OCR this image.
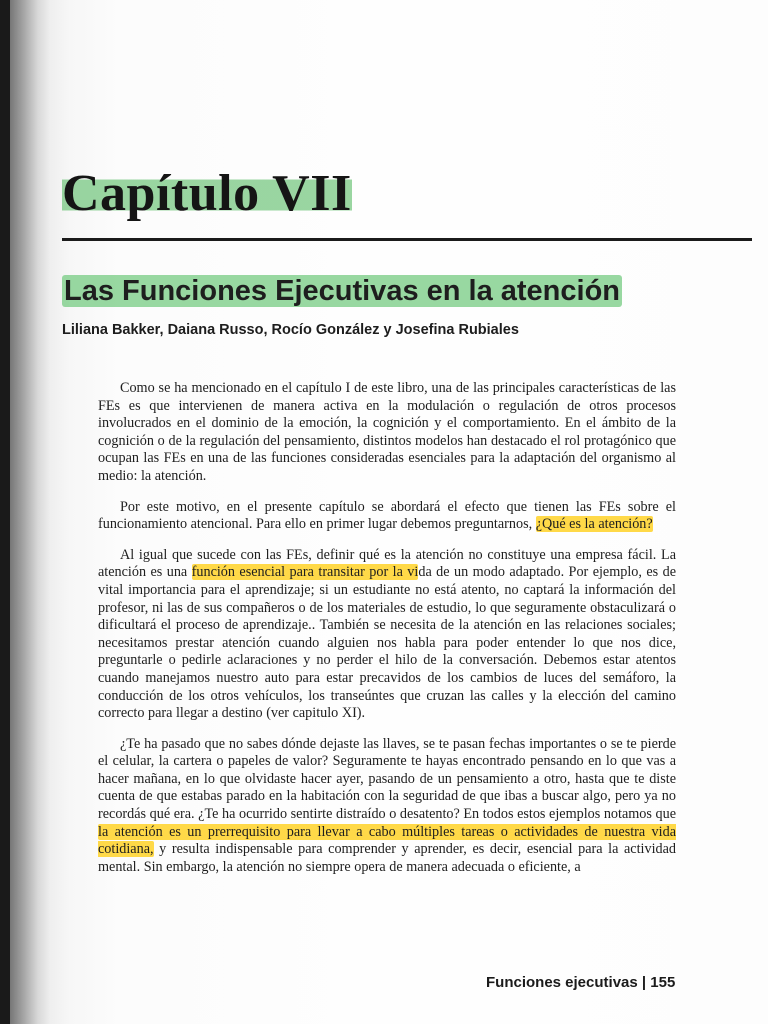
Capítulo VII
Las Funciones Ejecutivas en la atención

Liliana Bakker, Daiana Russo, Rocío González y Josefina Rubiales

Como se ha mencionado en el capítulo I de este libro, una de las principales características de las FEs es que intervienen de manera activa en la modulación o regulación de otros procesos involucrados en el dominio de la emoción, la cognición y el comportamiento. En el ámbito de la cognición o de la regulación del pensamiento, distintos modelos han destacado el rol protagónico que ocupan las FEs en una de las funciones consideradas esenciales para la adaptación del organismo al medio: la atención.

Por este motivo, en el presente capítulo se abordará el efecto que tienen las FEs sobre el funcionamiento atencional. Para ello en primer lugar debemos preguntarnos, ¿Qué es la atención?

Al igual que sucede con las FEs, definir qué es la atención no constituye una empresa fácil. La atención es una función esencial para transitar por la vida de un modo adaptado. Por ejemplo, es de vital importancia para el aprendizaje; si un estudiante no está atento, no captará la información del profesor, ni las de sus compañeros o de los materiales de estudio, lo que seguramente obstaculizará o dificultará el proceso de aprendizaje.. También se necesita de la atención en las relaciones sociales; necesitamos prestar atención cuando alguien nos habla para poder entender lo que nos dice, preguntarle o pedirle aclaraciones y no perder el hilo de la conversación. Debemos estar atentos cuando manejamos nuestro auto para estar precavidos de los cambios de luces del semáforo, la conducción de los otros vehículos, los transeúntes que cruzan las calles y la elección del camino correcto para llegar a destino (ver capitulo XI).

¿Te ha pasado que no sabes dónde dejaste las llaves, se te pasan fechas importantes o se te pierde el celular, la cartera o papeles de valor? Seguramente te hayas encontrado pensando en lo que vas a hacer mañana, en lo que olvidaste hacer ayer, pasando de un pensamiento a otro, hasta que te diste cuenta de que estabas parado en la habitación con la seguridad de que ibas a buscar algo, pero ya no recordás qué era. ¿Te ha ocurrido sentirte distraído o desatento? En todos estos ejemplos notamos que la atención es un prerrequisito para llevar a cabo múltiples tareas o actividades de nuestra vida cotidiana, y resulta indispensable para comprender y aprender, es decir, esencial para la actividad mental. Sin embargo, la atención no siempre opera de manera adecuada o eficiente, a

Funciones ejecutivas | 155
